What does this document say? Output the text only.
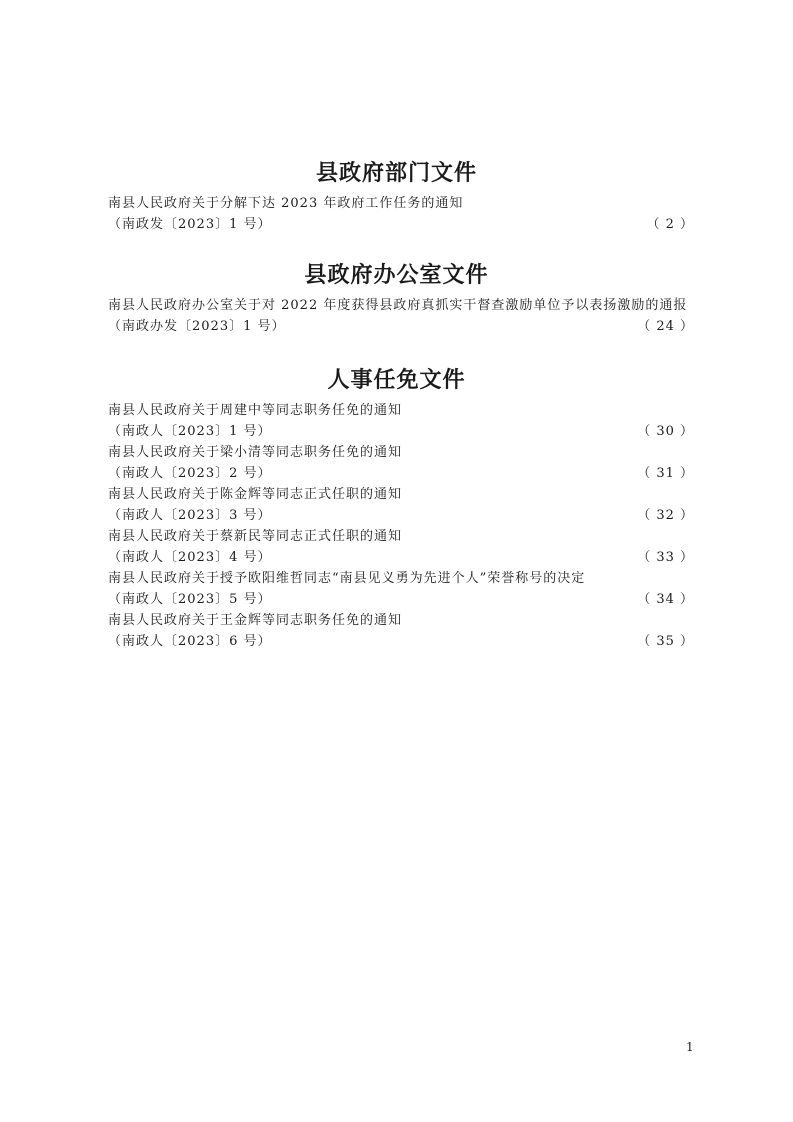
县政府部门文件
南县人民政府关于分解下达 2023 年政府工作任务的通知
（南政发〔2023〕1 号）	（ 2 ）
县政府办公室文件
南县人民政府办公室关于对 2022 年度获得县政府真抓实干督查激励单位予以表扬激励的通报
（南政办发〔2023〕1 号）	（ 24 ）
人事任免文件
南县人民政府关于周建中等同志职务任免的通知
（南政人〔2023〕1 号）	（ 30 ）
南县人民政府关于梁小清等同志职务任免的通知
（南政人〔2023〕2 号）	（ 31 ）
南县人民政府关于陈金辉等同志正式任职的通知
（南政人〔2023〕3 号）	（ 32 ）
南县人民政府关于蔡新民等同志正式任职的通知
（南政人〔2023〕4 号）	（ 33 ）
南县人民政府关于授予欧阳维哲同志“南县见义勇为先进个人”荣誉称号的决定
（南政人〔2023〕5 号）	（ 34 ）
南县人民政府关于王金辉等同志职务任免的通知
（南政人〔2023〕6 号）	（ 35 ）
1
